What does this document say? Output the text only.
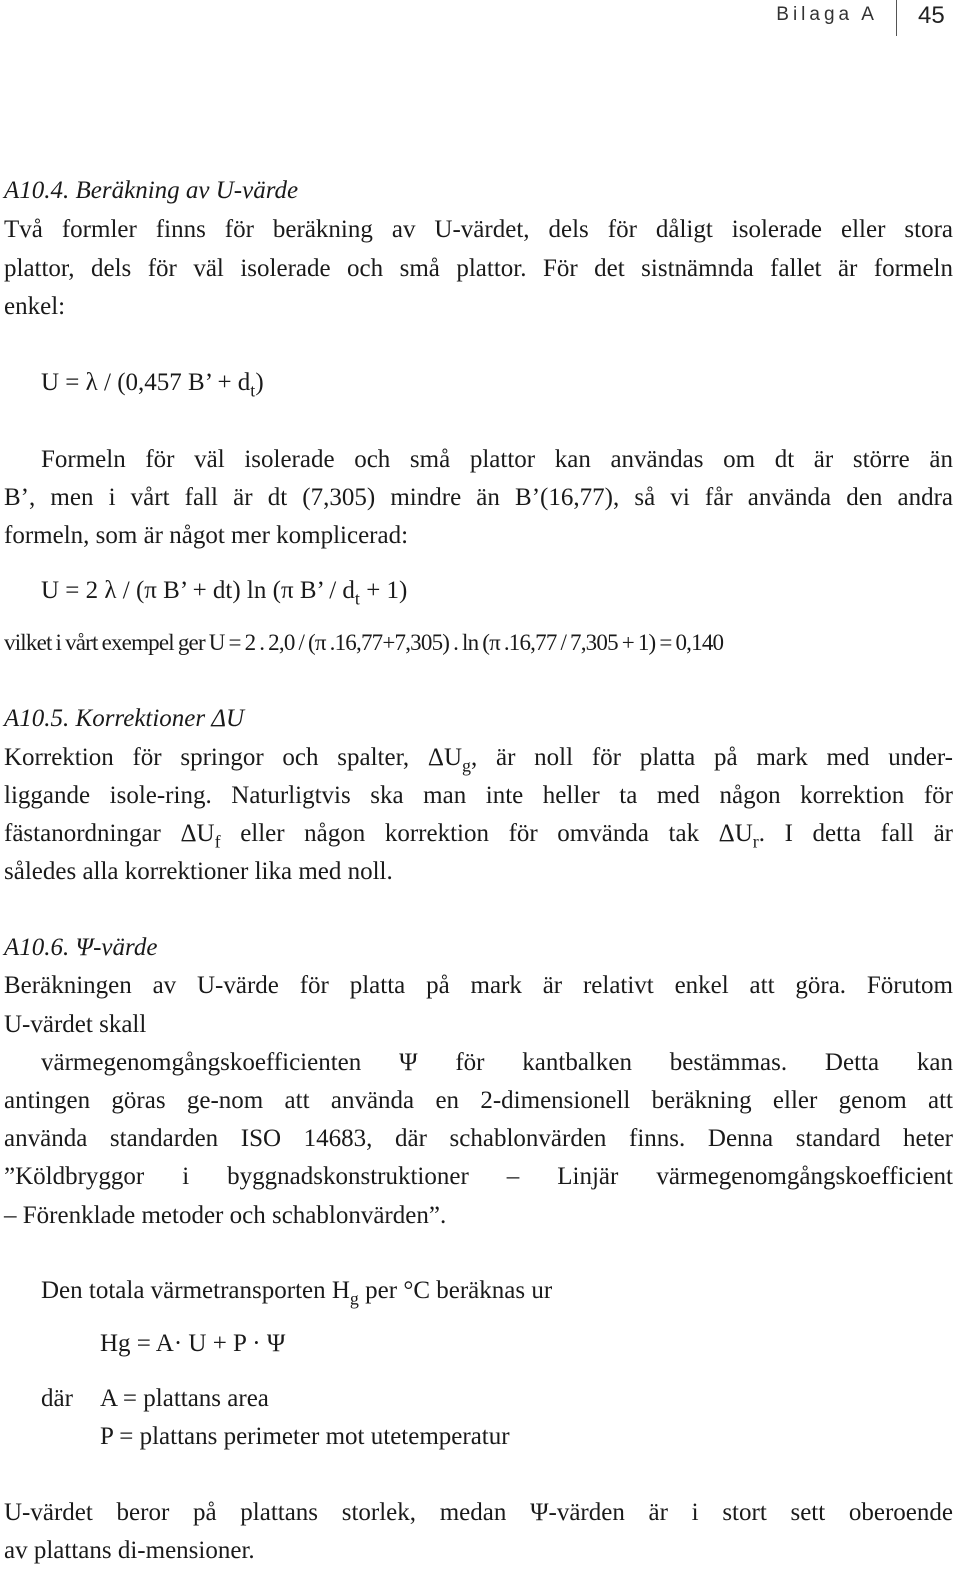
Bilaga A 45
A10.4. Beräkning av U-värde
Två formler finns för beräkning av U-värdet, dels för dåligt isolerade eller stora
plattor, dels för väl isolerade och små plattor. För det sistnämnda fallet är formeln
enkel:
U = λ / (0,457 B’ + $d_t$)
Formeln för väl isolerade och små plattor kan användas om dt är större än
B’, men i vårt fall är dt (7,305) mindre än B’(16,77), så vi får använda den andra
formeln, som är något mer komplicerad:
U = 2 λ / (π B’ + dt) ln (π B’ / $d_t + 1$)
vilket i vårt exempel ger U = 2 . 2,0 / (π .16,77+7,305) . ln (π .16,77 / 7,305 + 1) = 0,140
A10.5. Korrektioner ΔU
Korrektion för springor och spalter, $\Delta U_g$, är noll för platta på mark med under-
liggande isole-ring. Naturligtvis ska man inte heller ta med någon korrektion för
fästanordningar $\Delta U_f$ eller någon korrektion för omvända tak $\Delta U_r$. I detta fall är
således alla korrektioner lika med noll.
A10.6. Ψ-värde
Beräkningen av U-värde för platta på mark är relativt enkel att göra. Förutom
U-värdet skall
värmegenomgångskoefficienten Ψ för kantbalken bestämmas. Detta kan
antingen göras ge-nom att använda en 2-dimensionell beräkning eller genom att
använda standarden ISO 14683, där schablonvärden finns. Denna standard heter
”Köldbryggor i byggnadskonstruktioner – Linjär värmegenomgångskoefficient
– Förenklade metoder och schablonvärden”.
Den totala värmetransporten $H_g$ per °C beräknas ur
Hg = A· U + P · Ψ
där A = plattans area
P = plattans perimeter mot utetemperatur
U-värdet beror på plattans storlek, medan Ψ-värden är i stort sett oberoende
av plattans di-mensioner.
